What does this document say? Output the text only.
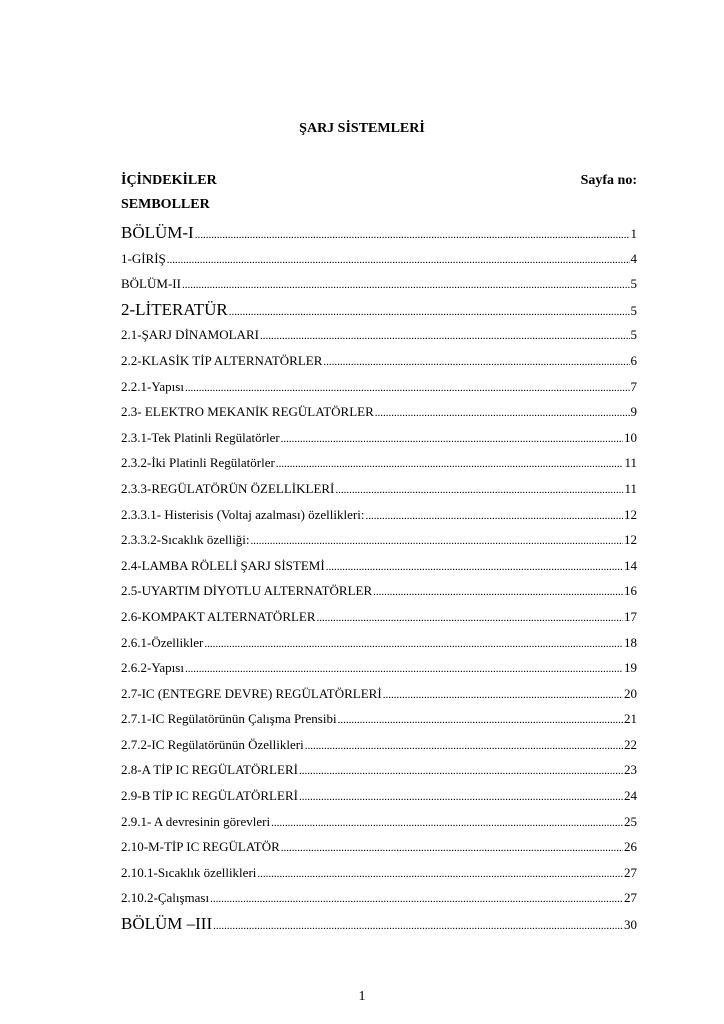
ŞARJ SİSTEMLERİ
İÇİNDEKİLER	Sayfa no:
SEMBOLLER
BÖLÜM-I .....	1
1-GİRİŞ .....	4
BÖLÜM-II .....	5
2-LİTERATÜR .....	5
2.1-ŞARJ DİNAMOLARI .....	5
2.2-KLASİK TİP ALTERNATÖRLER .....	6
2.2.1-Yapısı .....	7
2.3- ELEKTRO MEKANİK REGÜLATÖRLER .....	9
2.3.1-Tek Platinli Regülatörler .....	10
2.3.2-İki Platinli Regülatörler .....	11
2.3.3-REGÜLATÖRÜN ÖZELLİKLERİ .....	11
2.3.3.1- Histerisis (Voltaj azalması) özellikleri: .....	12
2.3.3.2-Sıcaklık özelliği: .....	12
2.4-LAMBA RÖLELİ ŞARJ SİSTEMİ .....	14
2.5-UYARTIM DİYOTLU ALTERNATÖRLER .....	16
2.6-KOMPAKT ALTERNATÖRLER .....	17
2.6.1-Özellikler .....	18
2.6.2-Yapısı .....	19
2.7-IC (ENTEGRE DEVRE) REGÜLATÖRLERİ .....	20
2.7.1-IC Regülatörünün Çalışma Prensibi .....	21
2.7.2-IC Regülatörünün Özellikleri .....	22
2.8-A TİP IC REGÜLATÖRLERİ .....	23
2.9-B TİP IC REGÜLATÖRLERİ .....	24
2.9.1- A devresinin görevleri .....	25
2.10-M-TİP IC REGÜLATÖR .....	26
2.10.1-Sıcaklık özellikleri .....	27
2.10.2-Çalışması .....	27
BÖLÜM –III .....	30
1
